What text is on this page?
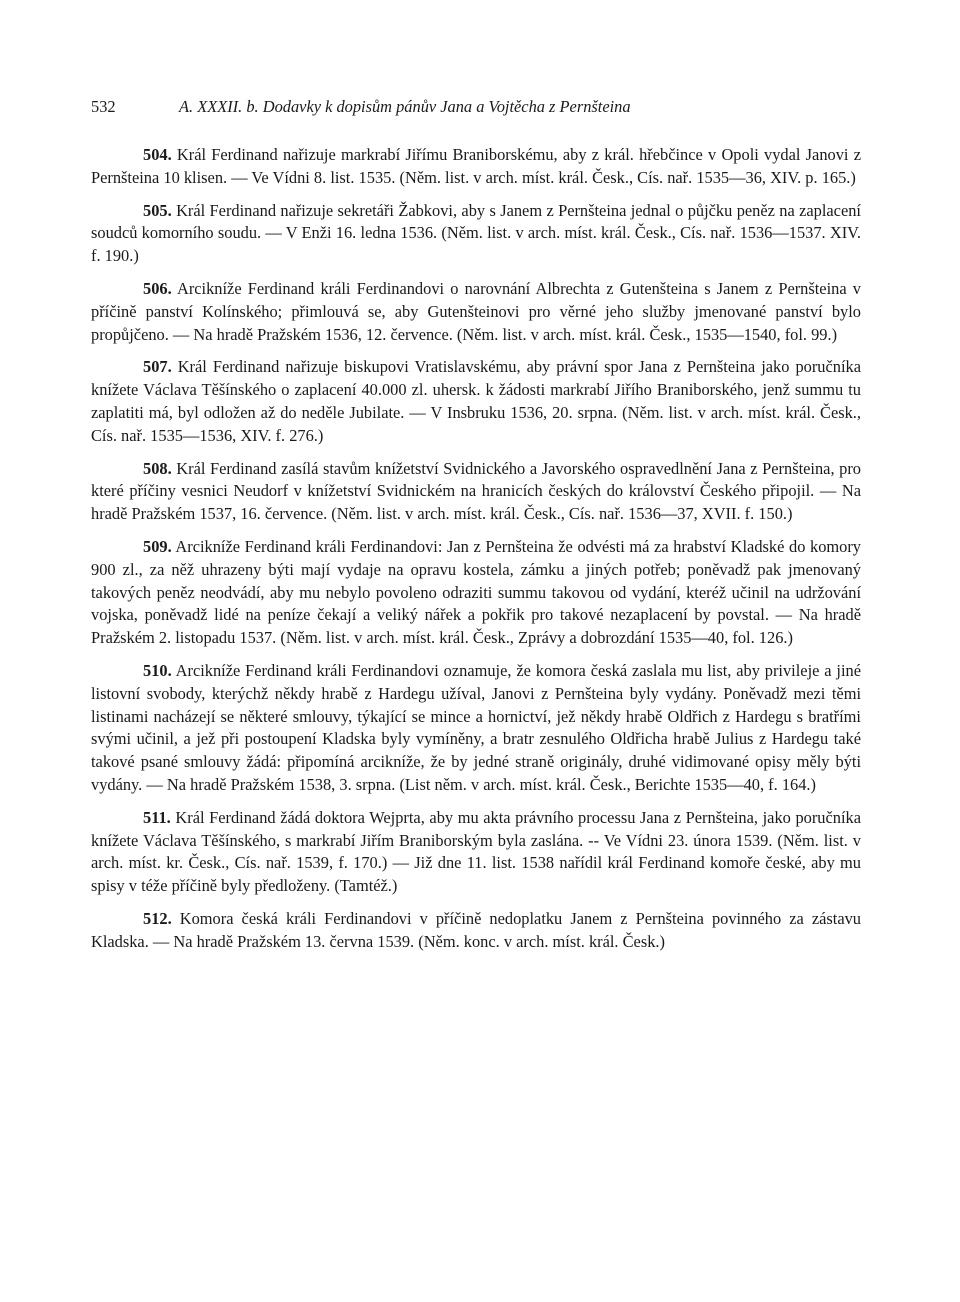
532	A. XXXII. b. Dodavky k dopisům pánův Jana a Vojtěcha z Pernšteina

504. Král Ferdinand nařizuje markrabí Jiřímu Braniborskému, aby z král. hřebčince v Opoli vydal Janovi z Pernšteina 10 klisen. — Ve Vídni 8. list. 1535. (Něm. list. v arch. míst. král. Česk., Cís. nař. 1535—36, XIV. p. 165.)

505. Král Ferdinand nařizuje sekretáři Žabkovi, aby s Janem z Pernšteina jednal o půjčku peněz na zaplacení soudců komorního soudu. — V Enži 16. ledna 1536. (Něm. list. v arch. míst. král. Česk., Cís. nař. 1536—1537. XIV. f. 190.)

506. Arcikníže Ferdinand králi Ferdinandovi o narovnání Albrechta z Gutenšteina s Janem z Pernšteina v příčině panství Kolínského; přimlouvá se, aby Gutenšteinovi pro věrné jeho služby jmenované panství bylo propůjčeno. — Na hradě Pražském 1536, 12. července. (Něm. list. v arch. míst. král. Česk., 1535—1540, fol. 99.)

507. Král Ferdinand nařizuje biskupovi Vratislavskému, aby právní spor Jana z Pernšteina jako poručníka knížete Václava Těšínského o zaplacení 40.000 zl. uhersk. k žádosti markrabí Jiřího Braniborského, jenž summu tu zaplatiti má, byl odložen až do neděle Jubilate. — V Insbruku 1536, 20. srpna. (Něm. list. v arch. míst. král. Česk., Cís. nař. 1535—1536, XIV. f. 276.)

508. Král Ferdinand zasílá stavům knížetství Svidnického a Javorského ospravedlnění Jana z Pernšteina, pro které příčiny vesnici Neudorf v knížetství Svidnickém na hranicích českých do království Českého připojil. — Na hradě Pražském 1537, 16. července. (Něm. list. v arch. míst. král. Česk., Cís. nař. 1536—37, XVII. f. 150.)

509. Arcikníže Ferdinand králi Ferdinandovi: Jan z Pernšteina že odvésti má za hrabství Kladské do komory 900 zl., za něž uhrazeny býti mají vydaje na opravu kostela, zámku a jiných potřeb; poněvadž pak jmenovaný takových peněz neodvádí, aby mu nebylo povoleno odraziti summu takovou od vydání, kteréž učinil na udržování vojska, poněvadž lidé na peníze čekají a veliký nářek a pokřik pro takové nezaplacení by povstal. — Na hradě Pražském 2. listopadu 1537. (Něm. list. v arch. míst. král. Česk., Zprávy a dobrozdání 1535—40, fol. 126.)

510. Arcikníže Ferdinand králi Ferdinandovi oznamuje, že komora česká zaslala mu list, aby privileje a jiné listovní svobody, kterýchž někdy hrabě z Hardegu užíval, Janovi z Pernšteina byly vydány. Poněvadž mezi těmi listinami nacházejí se některé smlouvy, týkající se mince a hornictví, jež někdy hrabě Oldřich z Hardegu s bratřími svými učinil, a jež při postoupení Kladska byly vymíněny, a bratr zesnulého Oldřicha hrabě Julius z Hardegu také takové psané smlouvy žádá: připomíná arcikníže, že by jedné straně originály, druhé vidimované opisy měly býti vydány. — Na hradě Pražském 1538, 3. srpna. (List něm. v arch. míst. král. Česk., Berichte 1535—40, f. 164.)

511. Král Ferdinand žádá doktora Wejprta, aby mu akta právního processu Jana z Pernšteina, jako poručníka knížete Václava Těšínského, s markrabí Jiřím Braniborským byla zaslána. -- Ve Vídni 23. února 1539. (Něm. list. v arch. míst. kr. Česk., Cís. nař. 1539, f. 170.) — Již dne 11. list. 1538 nařídil král Ferdinand komoře české, aby mu spisy v téže příčině byly předloženy. (Tamtéž.)

512. Komora česká králi Ferdinandovi v příčině nedoplatku Janem z Pernšteina povinného za zástavu Kladska. — Na hradě Pražském 13. června 1539. (Něm. konc. v arch. míst. král. Česk.)
